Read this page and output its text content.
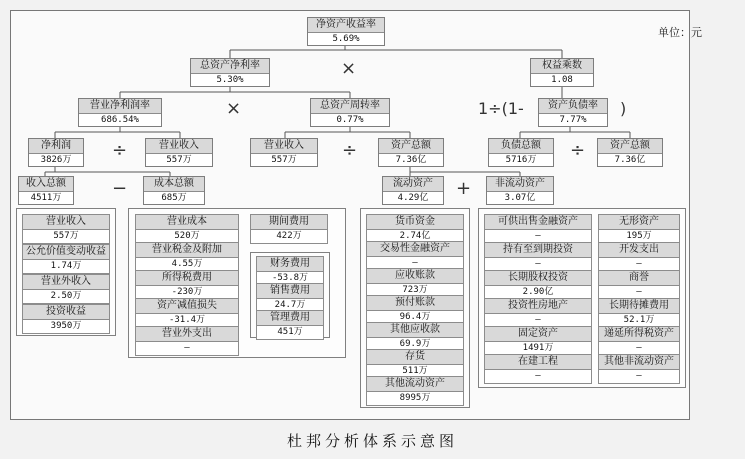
单位：元
净资产收益率
5.69%
总资产净利率
5.30%
×	权益乘数
1.08
营业净利润率
686.54%
×	总资产周转率
0.77%
1÷(1-	资产负债率
7.77%
)
净利润
3826万	÷	营业收入
557万
营业收入
557万	÷	资产总额
7.36亿
负债总额
5716万	÷	资产总额
7.36亿
收入总额
4511万	−	成本总额
685万
流动资产
4.29亿	+	非流动资产
3.07亿
营业收入
557万
公允价值变动收益
1.74万
营业外收入
2.50万
投资收益
3950万
营业成本
520万
营业税金及附加
4.55万
所得税费用
-230万
资产减值损失
-31.4万
营业外支出
—
期间费用
422万
财务费用
-53.8万
销售费用
24.7万
管理费用
451万
货币资金
2.74亿
交易性金融资产
—
应收账款
723万
预付账款
96.4万
其他应收款
69.9万
存货
511万
其他流动资产
8995万
可供出售金融资产
—
持有至到期投资
—
长期股权投资
2.90亿
投资性房地产
—
固定资产
1491万
在建工程
—
无形资产
195万
开发支出
—
商誉
—
长期待摊费用
52.1万
递延所得税资产
—
其他非流动资产
—
杜邦分析体系示意图
